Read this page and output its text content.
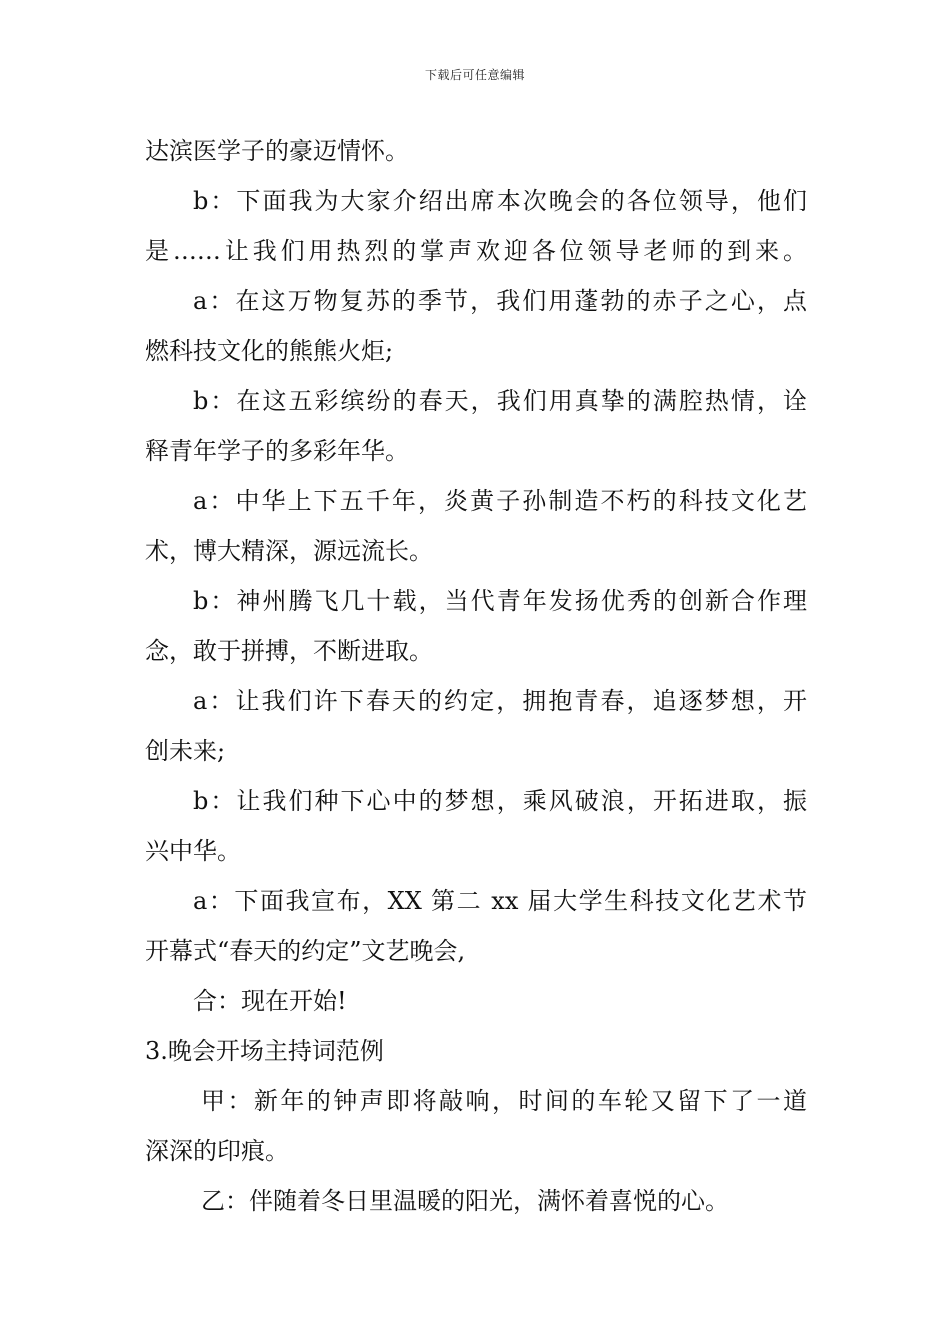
下载后可任意编辑

达滨医学子的豪迈情怀。

b：下面我为大家介绍出席本次晚会的各位领导，他们

是……让我们用热烈的掌声欢迎各位领导老师的到来。

a：在这万物复苏的季节，我们用蓬勃的赤子之心，点

燃科技文化的熊熊火炬;

b：在这五彩缤纷的春天，我们用真挚的满腔热情，诠

释青年学子的多彩年华。

a：中华上下五千年，炎黄子孙制造不朽的科技文化艺

术，博大精深，源远流长。

b：神州腾飞几十载，当代青年发扬优秀的创新合作理

念，敢于拼搏，不断进取。

a：让我们许下春天的约定，拥抱青春，追逐梦想，开

创未来;

b：让我们种下心中的梦想，乘风破浪，开拓进取，振

兴中华。

a：下面我宣布，XX 第二 xx 届大学生科技文化艺术节

开幕式“春天的约定”文艺晚会,

合：现在开始!

3.晚会开场主持词范例

甲：新年的钟声即将敲响，时间的车轮又留下了一道

深深的印痕。

乙：伴随着冬日里温暖的阳光，满怀着喜悦的心。
